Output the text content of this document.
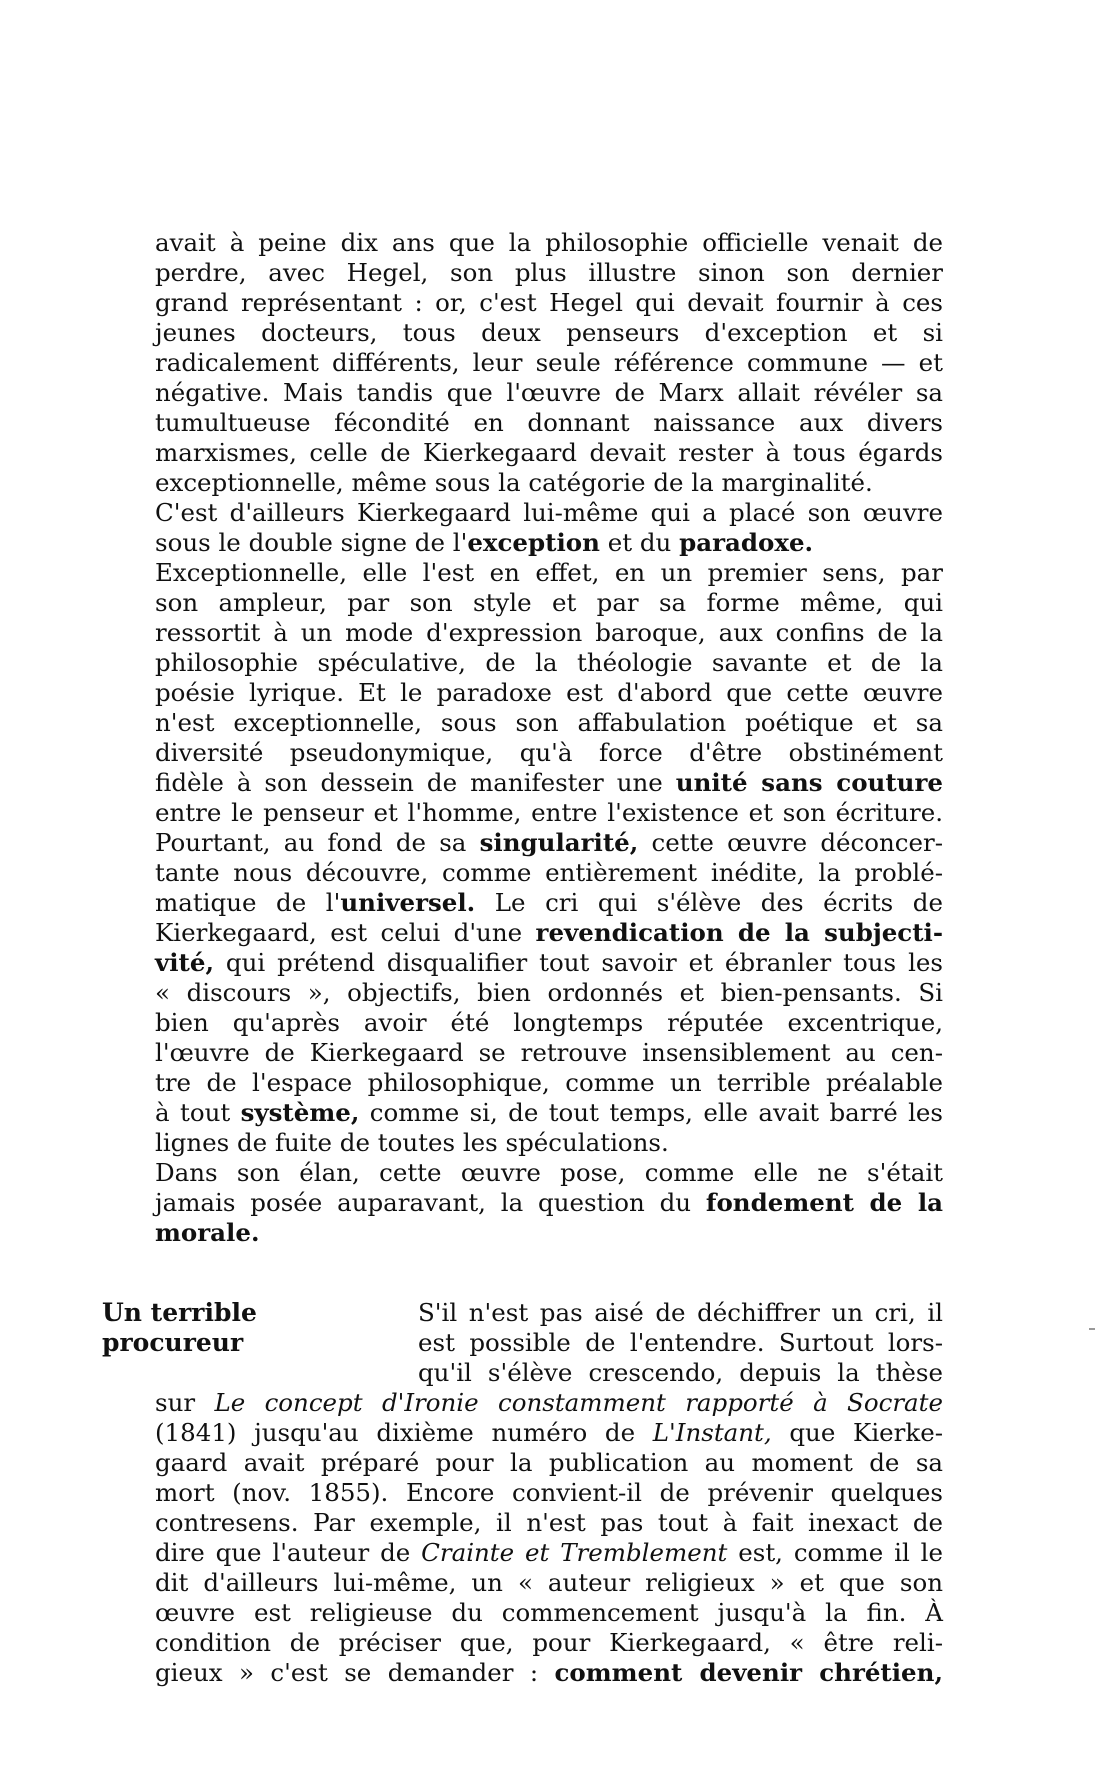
avait à peine dix ans que la philosophie officielle venait de
perdre, avec Hegel, son plus illustre sinon son dernier
grand représentant : or, c'est Hegel qui devait fournir à ces
jeunes docteurs, tous deux penseurs d'exception et si
radicalement différents, leur seule référence commune — et
négative. Mais tandis que l'œuvre de Marx allait révéler sa
tumultueuse fécondité en donnant naissance aux divers
marxismes, celle de Kierkegaard devait rester à tous égards
exceptionnelle, même sous la catégorie de la marginalité.
C'est d'ailleurs Kierkegaard lui-même qui a placé son œuvre
sous le double signe de l'exception et du paradoxe.
Exceptionnelle, elle l'est en effet, en un premier sens, par
son ampleur, par son style et par sa forme même, qui
ressortit à un mode d'expression baroque, aux confins de la
philosophie spéculative, de la théologie savante et de la
poésie lyrique. Et le paradoxe est d'abord que cette œuvre
n'est exceptionnelle, sous son affabulation poétique et sa
diversité pseudonymique, qu'à force d'être obstinément
fidèle à son dessein de manifester une unité sans couture
entre le penseur et l'homme, entre l'existence et son écriture.
Pourtant, au fond de sa singularité, cette œuvre déconcer-
tante nous découvre, comme entièrement inédite, la problé-
matique de l'universel. Le cri qui s'élève des écrits de
Kierkegaard, est celui d'une revendication de la subjecti-
vité, qui prétend disqualifier tout savoir et ébranler tous les
« discours », objectifs, bien ordonnés et bien-pensants. Si
bien qu'après avoir été longtemps réputée excentrique,
l'œuvre de Kierkegaard se retrouve insensiblement au cen-
tre de l'espace philosophique, comme un terrible préalable
à tout système, comme si, de tout temps, elle avait barré les
lignes de fuite de toutes les spéculations.
Dans son élan, cette œuvre pose, comme elle ne s'était
jamais posée auparavant, la question du fondement de la
morale.
Un terrible
procureur
S'il n'est pas aisé de déchiffrer un cri, il
est possible de l'entendre. Surtout lors-
qu'il s'élève crescendo, depuis la thèse
sur Le concept d'Ironie constamment rapporté à Socrate
(1841) jusqu'au dixième numéro de L'Instant, que Kierke-
gaard avait préparé pour la publication au moment de sa
mort (nov. 1855). Encore convient-il de prévenir quelques
contresens. Par exemple, il n'est pas tout à fait inexact de
dire que l'auteur de Crainte et Tremblement est, comme il le
dit d'ailleurs lui-même, un « auteur religieux » et que son
œuvre est religieuse du commencement jusqu'à la fin. À
condition de préciser que, pour Kierkegaard, « être reli-
gieux » c'est se demander : comment devenir chrétien,
